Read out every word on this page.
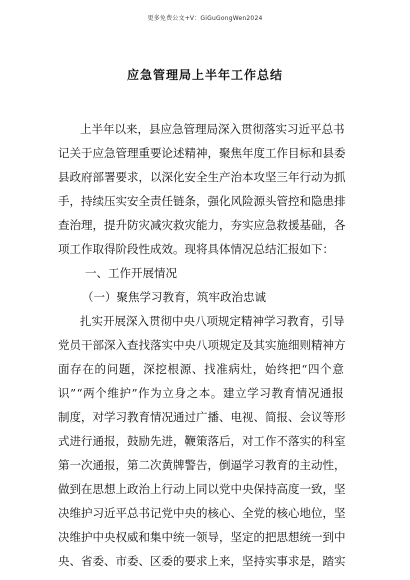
更多免费公文+V：GiGuGongWen2024
应急管理局上半年工作总结
上 半 年 以 来 ， 县 应 急 管 理 局 深 入 贯 彻 落 实 习 近 平 总 书
记 关 于 应 急 管 理 重 要 论 述 精 神 ， 聚 焦 年 度 工 作 目 标 和 县 委
县 政 府 部 署 要 求 ， 以 深 化 安 全 生 产 治 本 攻 坚 三 年 行 动 为 抓
手 ， 持 续 压 实 安 全 责 任 链 条 ， 强 化 风 险 源 头 管 控 和 隐 患 排
查 治 理 ， 提 升 防 灾 减 灾 救 灾 能 力 ， 夯 实 应 急 救 援 基 础 ， 各
项工作取得阶段性成效。现将具体情况总结汇报如下：
一、工作开展情况
（一）聚焦学习教育，筑牢政治忠诚
扎 实 开 展 深 入 贯 彻 中 央 八 项 规 定 精 神 学 习 教 育 ， 引 导
党 员 干 部 深 入 查 找 落 实 中 央 八 项 规 定 及 其 实 施 细 则 精 神 方
面 存 在 的 问 题 ， 深 挖 根 源 、 找 准 病 灶 ， 始 终 把 “ 四 个 意
识 ” “ 两 个 维 护 ” 作 为 立 身 之 本 。 建 立 学 习 教 育 情 况 通 报
制 度 ， 对 学 习 教 育 情 况 通 过 广 播 、 电 视 、 简 报 、 会 议 等 形
式 进 行 通 报 ， 鼓 励 先 进 ， 鞭 策 落 后 ， 对 工 作 不 落 实 的 科 室
第 一 次 通 报 ， 第 二 次 黄 牌 警 告 ， 倒 逼 学 习 教 育 的 主 动 性 ，
做 到 在 思 想 上 政 治 上 行 动 上 同 以 党 中 央 保 持 高 度 一 致 ， 坚
决 维 护 习 近 平 总 书 记 党 中 央 的 核 心 、 全 党 的 核 心 地 位 ， 坚
决 维 护 中 央 权 威 和 集 中 统 一 领 导 ， 坚 定 的 把 思 想 统 一 到 中
央 、 省 委 、 市 委 、 区 委 的 要 求 上 来 ， 坚 持 实 事 求 是 ， 踏 实
